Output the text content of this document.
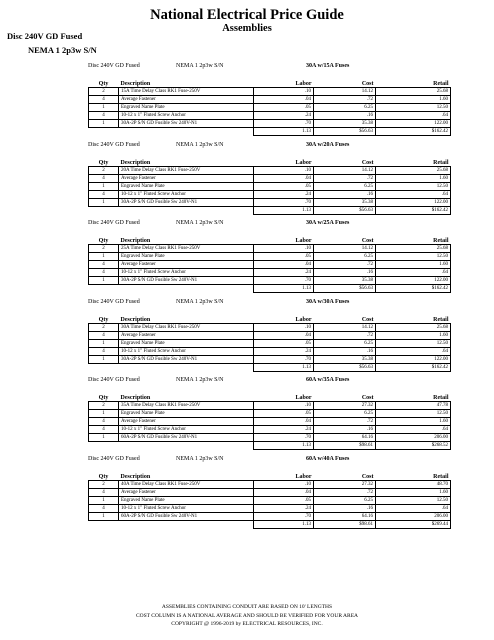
National Electrical Price Guide
Assemblies
Disc 240V GD Fused
NEMA 1 2p3w S/N
Disc 240V GD Fused	NEMA 1 2p3w S/N	30A w/15A Fuses
Qty	Description	Labor	Cost	Retail
2	15A Time Delay Class RK1 Fuse-250V	.10	14.12	25.68
4	Average Fastener	.04	.72	1.60
1	Engraved Name Plate	.05	6.25	12.50
4	10-12 x 1" Fluted Screw Anchor	.24	.16	.64
1	30A-2P S/N GD Fusible Sw 240V-N1	.70	35.38	122.00
		1.13	$56.63	$162.42
Disc 240V GD Fused	NEMA 1 2p3w S/N	30A w/20A Fuses
Qty	Description	Labor	Cost	Retail
2	20A Time Delay Class RK1 Fuse-250V	.10	14.12	25.68
4	Average Fastener	.04	.72	1.60
1	Engraved Name Plate	.05	6.25	12.50
4	10-12 x 1" Fluted Screw Anchor	.24	.16	.64
1	30A-2P S/N GD Fusible Sw 240V-N1	.70	35.38	122.00
		1.13	$56.63	$162.42
Disc 240V GD Fused	NEMA 1 2p3w S/N	30A w/25A Fuses
Qty	Description	Labor	Cost	Retail
2	25A Time Delay Class RK1 Fuse-250V	.10	14.12	25.68
1	Engraved Name Plate	.05	6.25	12.50
4	Average Fastener	.04	.72	1.60
4	10-12 x 1" Fluted Screw Anchor	.24	.16	.64
1	30A-2P S/N GD Fusible Sw 240V-N1	.70	35.38	122.00
		1.13	$56.63	$162.42
Disc 240V GD Fused	NEMA 1 2p3w S/N	30A w/30A Fuses
Qty	Description	Labor	Cost	Retail
2	30A Time Delay Class RK1 Fuse-250V	.10	14.12	25.68
4	Average Fastener	.04	.72	1.60
1	Engraved Name Plate	.05	6.25	12.50
4	10-12 x 1" Fluted Screw Anchor	.24	.16	.64
1	30A-2P S/N GD Fusible Sw 240V-N1	.70	35.38	122.00
		1.13	$56.63	$162.42
Disc 240V GD Fused	NEMA 1 2p3w S/N	60A w/35A Fuses
Qty	Description	Labor	Cost	Retail
2	35A Time Delay Class RK1 Fuse-250V	.10	27.32	47.78
1	Engraved Name Plate	.05	6.25	12.50
4	Average Fastener	.04	.72	1.60
4	10-12 x 1" Fluted Screw Anchor	.24	.16	.64
1	60A-2P S/N GD Fusible Sw 240V-N1	.70	64.16	206.00
		1.13	$98.61	$268.52
Disc 240V GD Fused	NEMA 1 2p3w S/N	60A w/40A Fuses
Qty	Description	Labor	Cost	Retail
2	40A Time Delay Class RK1 Fuse-250V	.10	27.32	48.70
4	Average Fastener	.04	.72	1.60
1	Engraved Name Plate	.05	6.25	12.50
4	10-12 x 1" Fluted Screw Anchor	.24	.16	.64
1	60A-2P S/N GD Fusible Sw 240V-N1	.70	64.16	206.00
		1.13	$98.61	$269.44
ASSEMBLIES CONTAINING CONDUIT ARE BASED ON 10' LENGTHS
COST COLUMN IS A NATIONAL AVERAGE AND SHOULD BE VERIFIED FOR YOUR AREA
COPYRIGHT @ 1996-2019 by ELECTRICAL RESOURCES, INC.
